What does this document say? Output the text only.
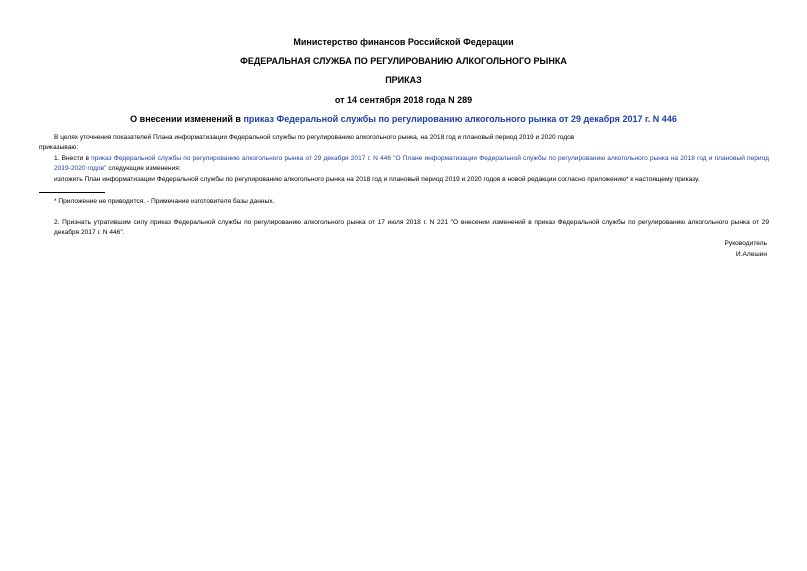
Министерство финансов Российской Федерации
ФЕДЕРАЛЬНАЯ СЛУЖБА ПО РЕГУЛИРОВАНИЮ АЛКОГОЛЬНОГО РЫНКА
ПРИКАЗ
от 14 сентября 2018 года N 289
О внесении изменений в приказ Федеральной службы по регулированию алкогольного рынка от 29 декабря 2017 г. N 446
В целях уточнения показателей Плана информатизации Федеральной службы по регулированию алкогольного рынка, на 2018 год и плановый период 2019 и 2020 годов
приказываю:
1. Внести в приказ Федеральной службы по регулированию алкогольного рынка от 29 декабря 2017 г. N 446 "О Плане информатизации Федеральной службы по регулированию алкогольного рынка на 2018 год и плановый период 2019-2020 годов" следующие изменения:
изложить План информатизации Федеральной службы по регулированию алкогольного рынка на 2018 год и плановый период 2019 и 2020 годов в новой редакции согласно приложению* к настоящему приказу.
* Приложение не приводится. - Примечание изготовителя базы данных.
2. Признать утратившим силу приказ Федеральной службы по регулированию алкогольного рынка от 17 июля 2018 г. N 221 "О внесении изменений в приказ Федеральной службы по регулированию алкогольного рынка от 29 декабря 2017 г. N 446".
Руководитель
И.Алешин
